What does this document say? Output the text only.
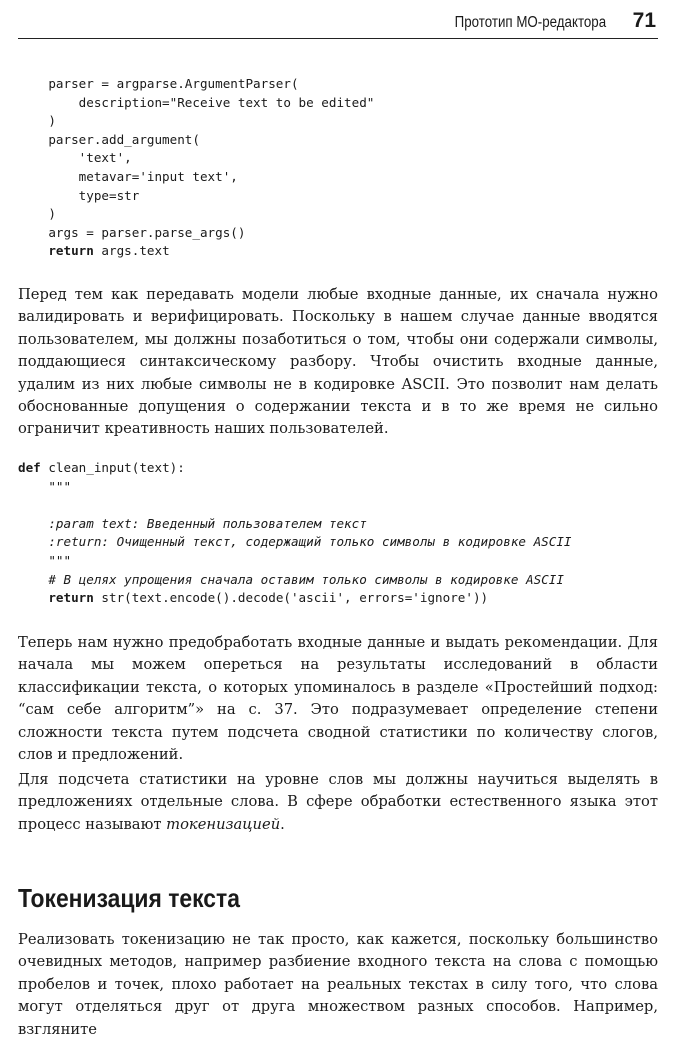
Прототип МО-редактора 71
parser = argparse.ArgumentParser(
description="Receive text to be edited"
)
parser.add_argument(
'text',
metavar='input text',
type=str
)
args = parser.parse_args()
return args.text

Перед тем как передавать модели любые входные данные, их сначала нужно валидировать и верифицировать. Поскольку в нашем случае данные вводятся пользователем, мы должны позаботиться о том, чтобы они содержали символы, поддающиеся синтаксическому разбору. Чтобы очистить входные данные, удалим из них любые символы не в кодировке ASCII. Это позволит нам делать обоснованные допущения о содержании текста и в то же время не сильно ограничит креативность наших пользователей.

def clean_input(text):
"""

:param text: Введенный пользователем текст
:return: Очищенный текст, содержащий только символы в кодировке ASCII
"""
# В целях упрощения сначала оставим только символы в кодировке ASCII
return str(text.encode().decode('ascii', errors='ignore'))

Теперь нам нужно предобработать входные данные и выдать рекомендации. Для начала мы можем опереться на результаты исследований в области классификации текста, о которых упоминалось в разделе «Простейший подход: “сам себе алгоритм”» на с. 37. Это подразумевает определение степени сложности текста путем подсчета сводной статистики по количеству слогов, слов и предложений.

Для подсчета статистики на уровне слов мы должны научиться выделять в предложениях отдельные слова. В сфере обработки естественного языка этот процесс называют токенизацией.

Токенизация текста

Реализовать токенизацию не так просто, как кажется, поскольку большинство очевидных методов, например разбиение входного текста на слова с помощью пробелов и точек, плохо работает на реальных текстах в силу того, что слова могут отделяться друг от друга множеством разных способов. Например, взгляните
